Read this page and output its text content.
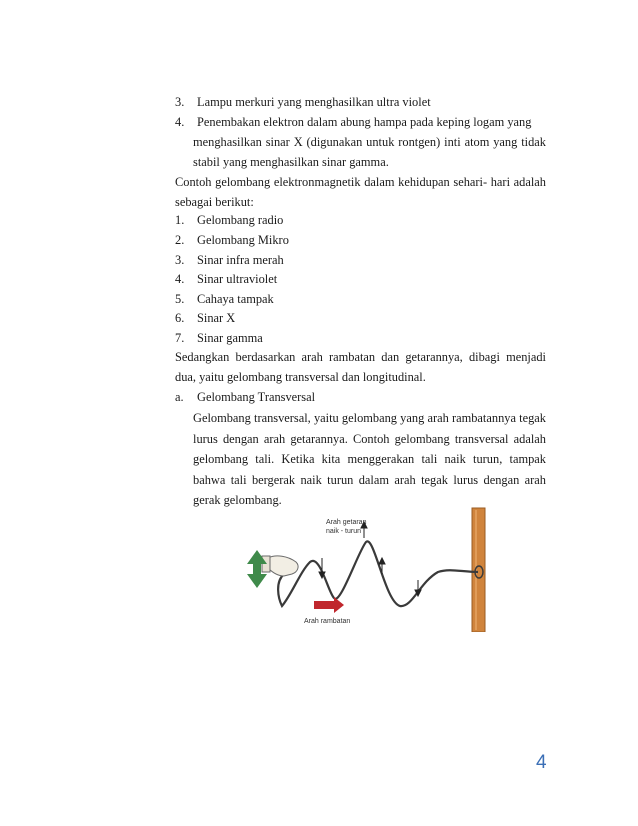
3. Lampu merkuri yang menghasilkan ultra violet
4. Penembakan elektron dalam abung hampa pada keping logam yang
menghasilkan sinar X (digunakan untuk rontgen) inti atom yang tidak
stabil yang menghasilkan sinar gamma.
Contoh gelombang elektronmagnetik dalam kehidupan sehari- hari adalah
sebagai berikut:
1. Gelombang radio
2. Gelombang Mikro
3. Sinar infra merah
4. Sinar ultraviolet
5. Cahaya tampak
6. Sinar X
7. Sinar gamma
Sedangkan berdasarkan arah rambatan dan getarannya, dibagi menjadi
dua, yaitu gelombang transversal dan longitudinal.
a. Gelombang Transversal
Gelombang transversal, yaitu gelombang yang arah rambatannya tegak
lurus dengan arah getarannya. Contoh gelombang transversal adalah
gelombang tali. Ketika kita menggerakan tali naik turun, tampak
bahwa tali bergerak naik turun dalam arah tegak lurus dengan arah
gerak gelombang.
Arah getaran
naik - turun
Arah rambatan
4
